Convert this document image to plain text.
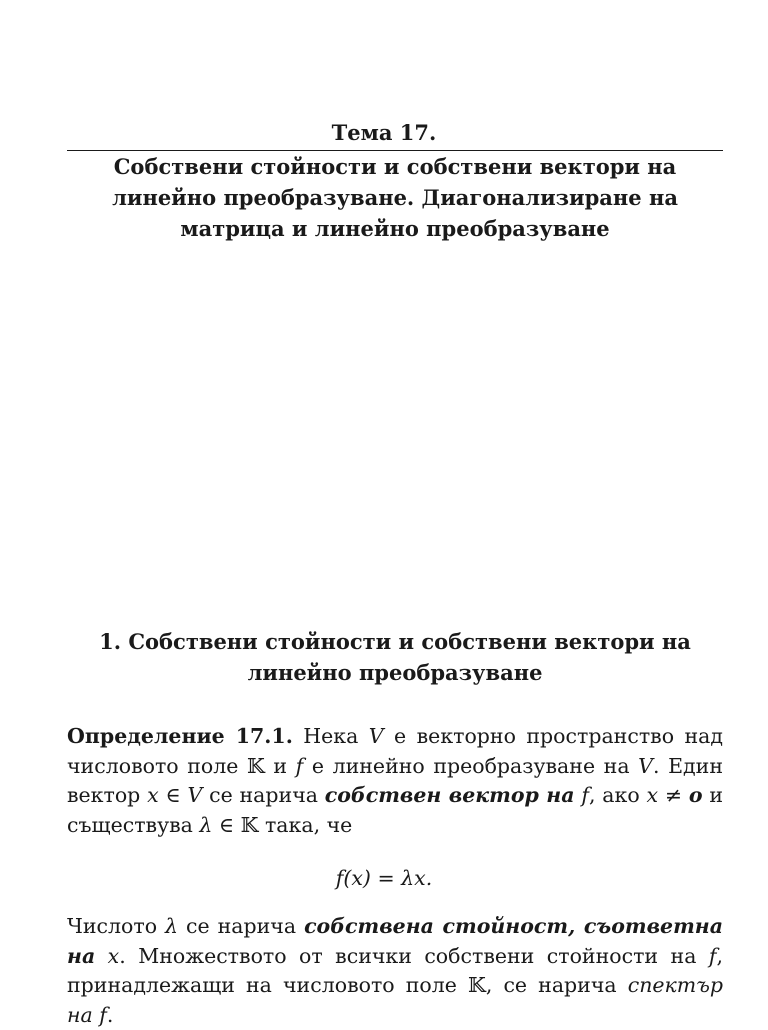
Тема 17.
Собствени стойности и собствени вектори на линейно преобразуване. Диагонализиране на матрица и линейно преобразуване
1. Собствени стойности и собствени вектори на линейно преобразуване
Определение 17.1. Нека V е векторно пространство над числовото поле 𝕂 и f е линейно преобразуване на V. Един вектор x ∈ V се нарича собствен вектор на f, ако x ≠ o и съществува λ ∈ 𝕂 така, че
f(x) = λx.
Числото λ се нарича собствена стойност, съответна на x. Множеството от всички собствени стойности на f, принадлежащи на числовото поле 𝕂, се нарича спектър на f.
